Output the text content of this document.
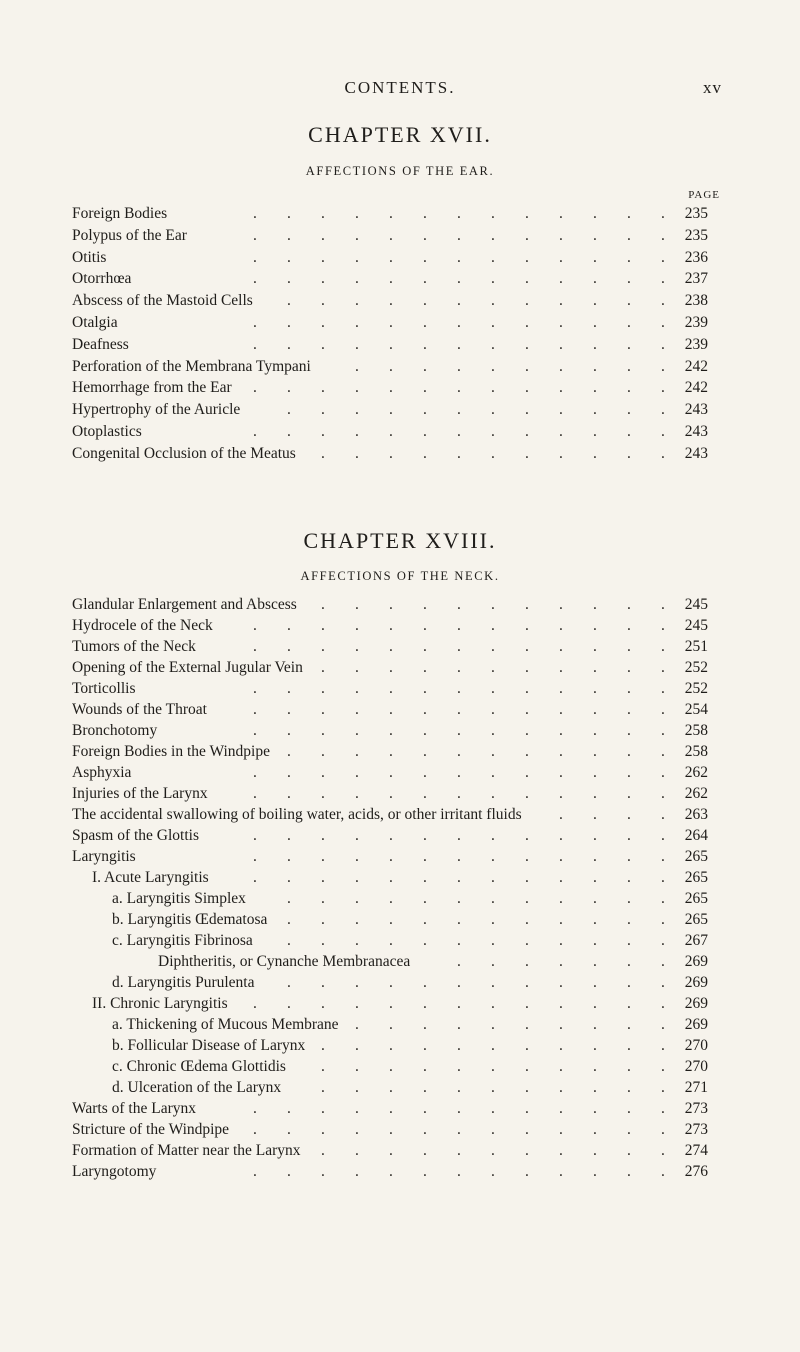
CONTENTS.	xv
CHAPTER XVII.
AFFECTIONS OF THE EAR.
PAGE
Foreign Bodies	235
. . . . . . . . . . . . .
Polypus of the Ear	235
. . . . . . . . . . . . .
Otitis	236
. . . . . . . . . . . . .
Otorrhœa	237
. . . . . . . . . . . . .
Abscess of the Mastoid Cells	238
. . . . . . . . . . . .
Otalgia	239
. . . . . . . . . . . . .
Deafness	239
. . . . . . . . . . . . .
Perforation of the Membrana Tympani	242
. . . . . . . . . .
Hemorrhage from the Ear	242
. . . . . . . . . . . . .
Hypertrophy of the Auricle	243
. . . . . . . . . . . .
Otoplastics	243
. . . . . . . . . . . . .
Congenital Occlusion of the Meatus	243
. . . . . . . . . . .
CHAPTER XVIII.
AFFECTIONS OF THE NECK.
Glandular Enlargement and Abscess	245
. . . . . . . . . . .
Hydrocele of the Neck	245
. . . . . . . . . . . . .
Tumors of the Neck	251
. . . . . . . . . . . . .
Opening of the External Jugular Vein	252
. . . . . . . . . . .
Torticollis	252
. . . . . . . . . . . . .
Wounds of the Throat	254
. . . . . . . . . . . . .
Bronchotomy	258
. . . . . . . . . . . . .
Foreign Bodies in the Windpipe	258
. . . . . . . . . . . .
Asphyxia	262
. . . . . . . . . . . . .
Injuries of the Larynx	262
. . . . . . . . . . . . .
The accidental swallowing of boiling water, acids, or other irritant fluids	263
. . . .
Spasm of the Glottis	264
. . . . . . . . . . . . .
Laryngitis	265
. . . . . . . . . . . . .
I. Acute Laryngitis	265
. . . . . . . . . . . . .
a. Laryngitis Simplex	265
. . . . . . . . . . . .
b. Laryngitis Œdematosa	265
. . . . . . . . . . . .
c. Laryngitis Fibrinosa	267
. . . . . . . . . . . .
Diphtheritis, or Cynanche Membranacea	269
. . . . . . .
d. Laryngitis Purulenta	269
. . . . . . . . . . . .
II. Chronic Laryngitis	269
. . . . . . . . . . . . .
a. Thickening of Mucous Membrane	269
. . . . . . . . . .
b. Follicular Disease of Larynx	270
. . . . . . . . . . .
c. Chronic Œdema Glottidis	270
. . . . . . . . . . .
d. Ulceration of the Larynx	271
. . . . . . . . . . .
Warts of the Larynx	273
. . . . . . . . . . . . .
Stricture of the Windpipe	273
. . . . . . . . . . . . .
Formation of Matter near the Larynx	274
. . . . . . . . . . .
Laryngotomy	276
. . . . . . . . . . . . .
